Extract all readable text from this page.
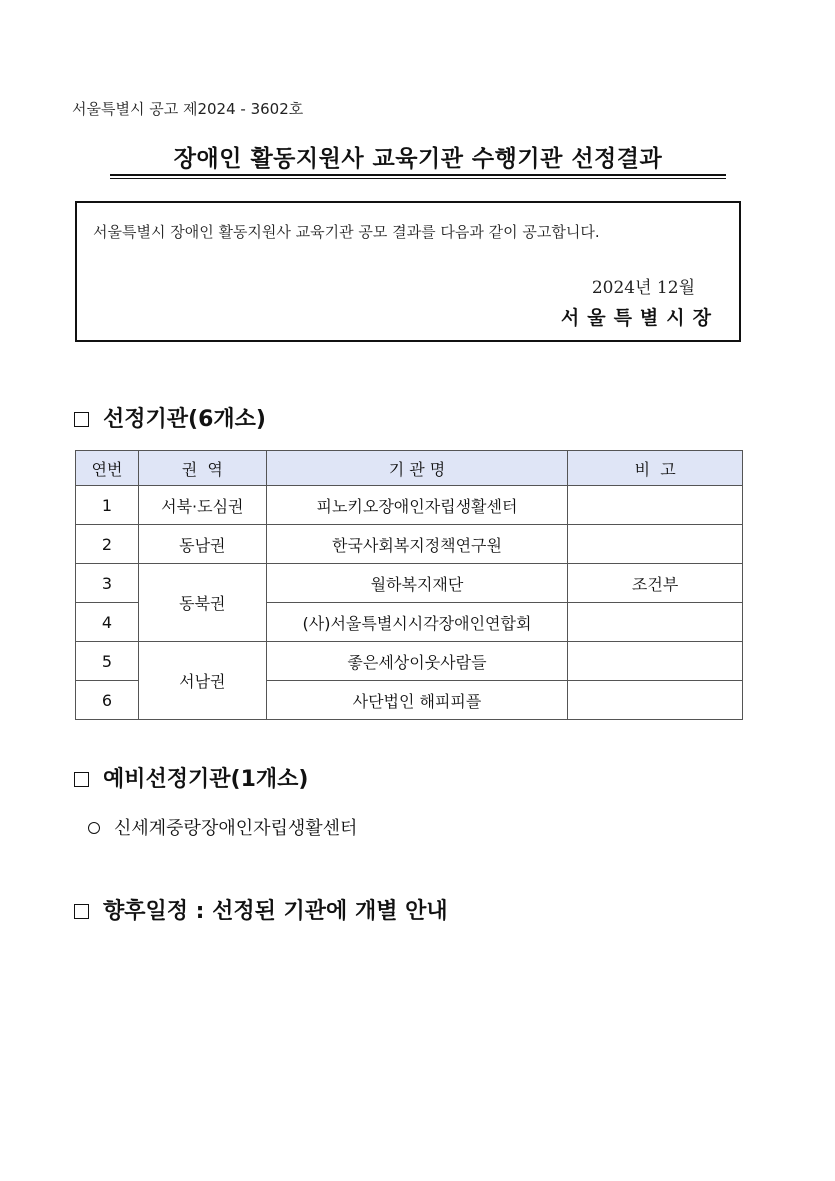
서울특별시 공고 제2024 - 3602호
장애인 활동지원사 교육기관 수행기관 선정결과
서울특별시 장애인 활동지원사 교육기관 공모 결과를 다음과 같이 공고합니다.
2024년 12월
서울특별시장
선정기관(6개소)
연번	권  역	기 관 명	비  고
1	서북·도심권	피노키오장애인자립생활센터	
2	동남권	한국사회복지정책연구원	
3	동북권	월하복지재단	조건부
4		(사)서울특별시시각장애인연합회	
5	서남권	좋은세상이웃사람들	
6		사단법인 해피피플	
예비선정기관(1개소)
신세계중랑장애인자립생활센터
향후일정 : 선정된 기관에 개별 안내
